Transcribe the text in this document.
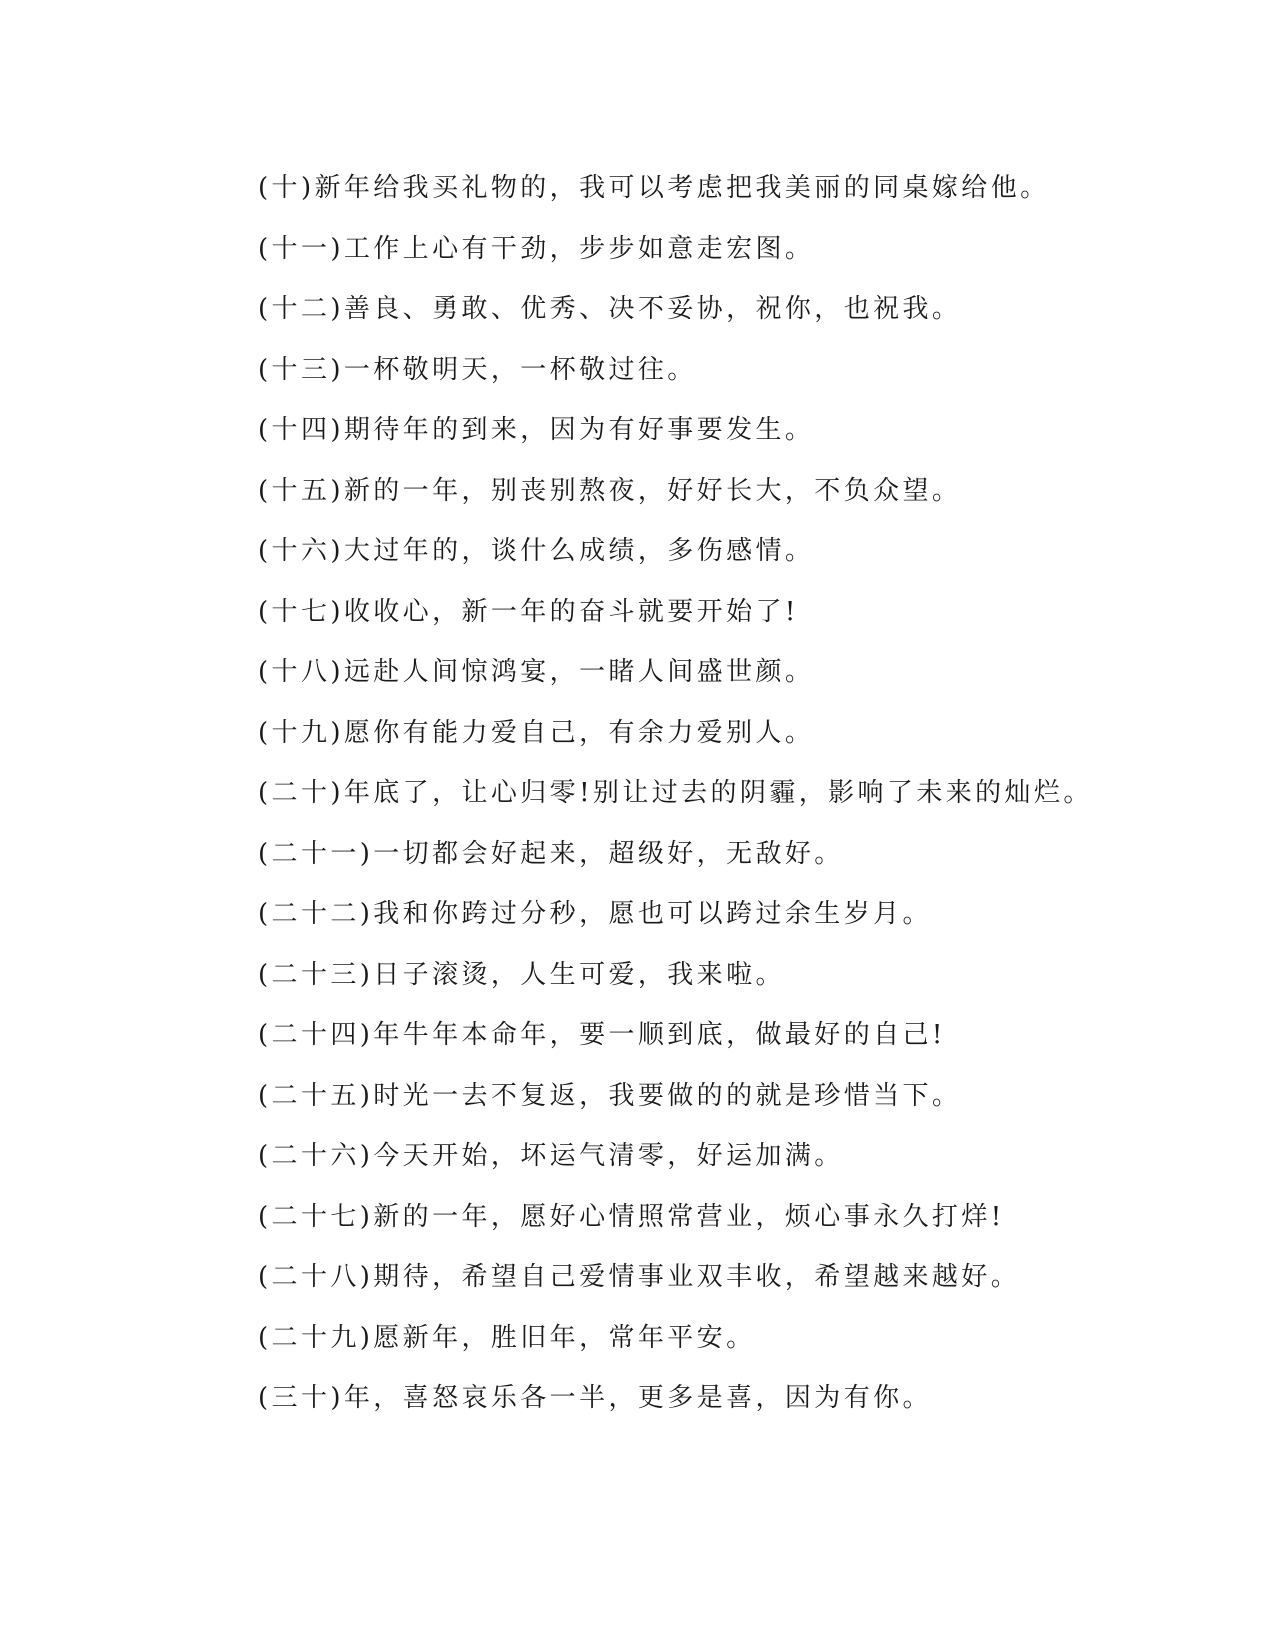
(十)新年给我买礼物的，我可以考虑把我美丽的同桌嫁给他。
(十一)工作上心有干劲，步步如意走宏图。
(十二)善良、勇敢、优秀、决不妥协，祝你，也祝我。
(十三)一杯敬明天，一杯敬过往。
(十四)期待年的到来，因为有好事要发生。
(十五)新的一年，别丧别熬夜，好好长大，不负众望。
(十六)大过年的，谈什么成绩，多伤感情。
(十七)收收心，新一年的奋斗就要开始了!
(十八)远赴人间惊鸿宴，一睹人间盛世颜。
(十九)愿你有能力爱自己，有余力爱别人。
(二十)年底了，让心归零!别让过去的阴霾，影响了未来的灿烂。
(二十一)一切都会好起来，超级好，无敌好。
(二十二)我和你跨过分秒，愿也可以跨过余生岁月。
(二十三)日子滚烫，人生可爱，我来啦。
(二十四)年牛年本命年，要一顺到底，做最好的自己!
(二十五)时光一去不复返，我要做的的就是珍惜当下。
(二十六)今天开始，坏运气清零，好运加满。
(二十七)新的一年，愿好心情照常营业，烦心事永久打烊!
(二十八)期待，希望自己爱情事业双丰收，希望越来越好。
(二十九)愿新年，胜旧年，常年平安。
(三十)年，喜怒哀乐各一半，更多是喜，因为有你。
